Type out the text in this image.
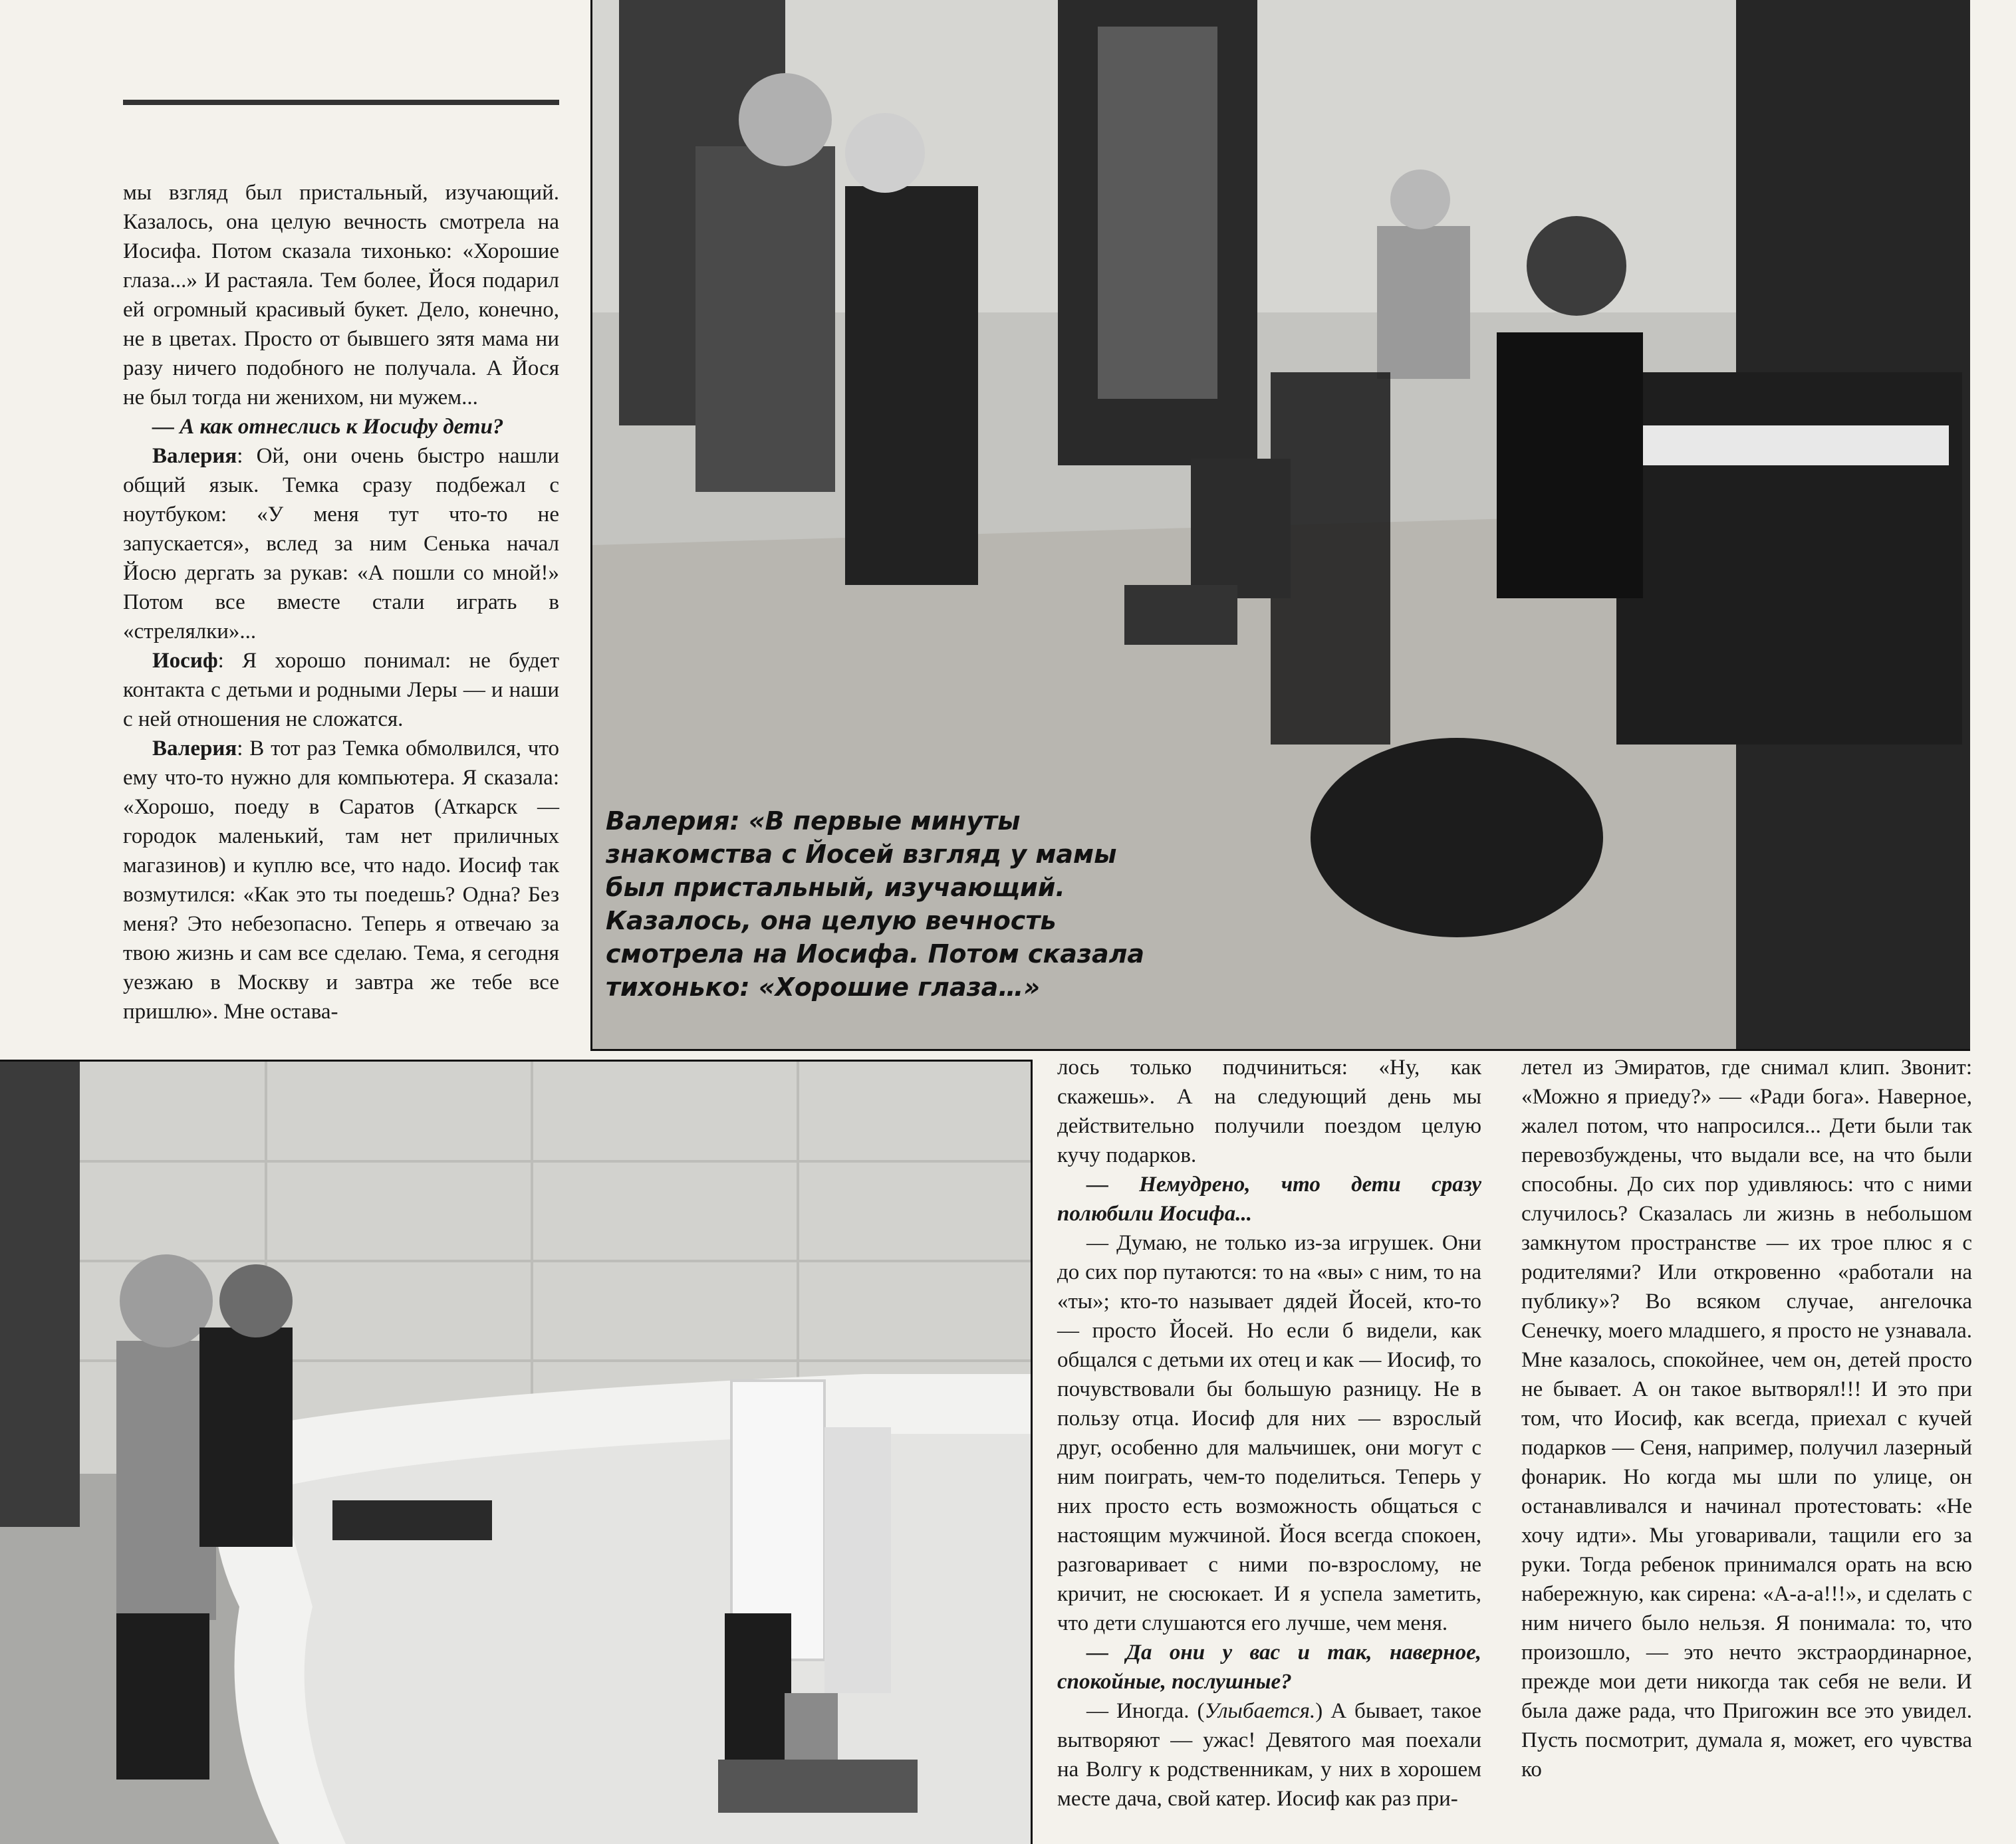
мы взгляд был пристальный, изучающий. Казалось, она целую вечность смотрела на Иосифа. Потом сказала тихонько: «Хорошие глаза...» И растаяла. Тем более, Йося подарил ей огромный красивый букет. Дело, конечно, не в цветах. Просто от бывшего зятя мама ни разу ничего подобного не получала. А Йося не был тогда ни женихом, ни мужем...

— А как отнеслись к Иосифу дети?

Валерия: Ой, они очень быстро нашли общий язык. Темка сразу подбежал с ноутбуком: «У меня тут что-то не запускается», вслед за ним Сенька начал Йосю дергать за рукав: «А пошли со мной!» Потом все вместе стали играть в «стрелялки»...

Иосиф: Я хорошо понимал: не будет контакта с детьми и родными Леры — и наши с ней отношения не сложатся.

Валерия: В тот раз Темка обмолвился, что ему что-то нужно для компьютера. Я сказала: «Хорошо, поеду в Саратов (Аткарск — городок маленький, там нет приличных магазинов) и куплю все, что надо. Иосиф так возмутился: «Как это ты поедешь? Одна? Без меня? Это небезопасно. Теперь я отвечаю за твою жизнь и сам все сделаю. Тема, я сегодня уезжаю в Москву и завтра же тебе все пришлю». Мне остава-

Валерия: «В первые минуты знакомства с Йосей взгляд у мамы был пристальный, изучающий. Казалось, она целую вечность смотрела на Иосифа. Потом сказала тихонько: «Хорошие глаза…»

лось только подчиниться: «Ну, как скажешь». А на следующий день мы действительно получили поездом целую кучу подарков.

— Немудрено, что дети сразу полюбили Иосифа...

— Думаю, не только из-за игрушек. Они до сих пор путаются: то на «вы» с ним, то на «ты»; кто-то называет дядей Йосей, кто-то — просто Йосей. Но если б видели, как общался с детьми их отец и как — Иосиф, то почувствовали бы большую разницу. Не в пользу отца. Иосиф для них — взрослый друг, особенно для мальчишек, они могут с ним поиграть, чем-то поделиться. Теперь у них просто есть возможность общаться с настоящим мужчиной. Йося всегда спокоен, разговаривает с ними по-взрослому, не кричит, не сюсюкает. И я успела заметить, что дети слушаются его лучше, чем меня.

— Да они у вас и так, наверное, спокойные, послушные?

— Иногда. (Улыбается.) А бывает, такое вытворяют — ужас! Девятого мая поехали на Волгу к родственникам, у них в хорошем месте дача, свой катер. Иосиф как раз при-

летел из Эмиратов, где снимал клип. Звонит: «Можно я приеду?» — «Ради бога». Наверное, жалел потом, что напросился... Дети были так перевозбуждены, что выдали все, на что были способны. До сих пор удивляюсь: что с ними случилось? Сказалась ли жизнь в небольшом замкнутом пространстве — их трое плюс я с родителями? Или откровенно «работали на публику»? Во всяком случае, ангелочка Сенечку, моего младшего, я просто не узнавала. Мне казалось, спокойнее, чем он, детей просто не бывает. А он такое вытворял!!! И это при том, что Иосиф, как всегда, приехал с кучей подарков — Сеня, например, получил лазерный фонарик. Но когда мы шли по улице, он останавливался и начинал протестовать: «Не хочу идти». Мы уговаривали, тащили его за руки. Тогда ребенок принимался орать на всю набережную, как сирена: «А-а-а!!!», и сделать с ним ничего было нельзя. Я понимала: то, что произошло, — это нечто экстраординарное, прежде мои дети никогда так себя не вели. И была даже рада, что Пригожин все это увидел. Пусть посмотрит, думала я, может, его чувства ко
